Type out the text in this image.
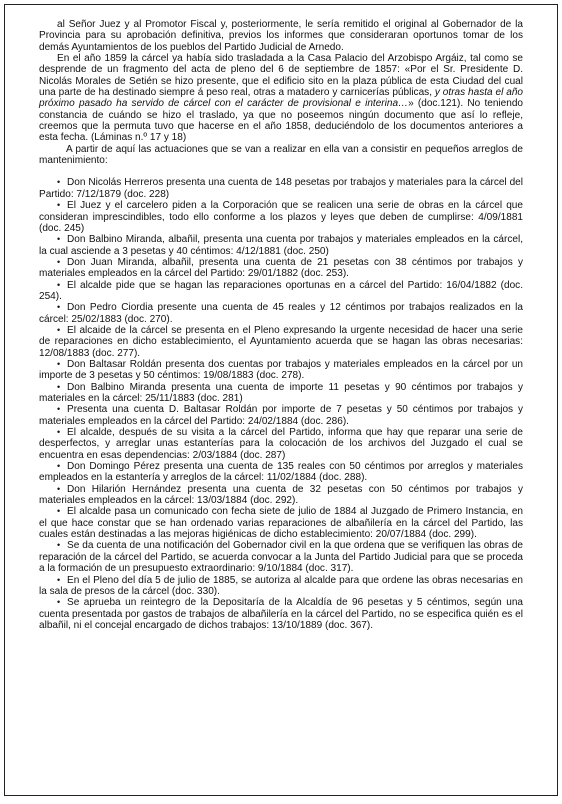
al Señor Juez y al Promotor Fiscal y, posteriormente, le sería remitido el original al Gobernador de la Provincia para su aprobación definitiva, previos los informes que consideraran oportunos tomar de los demás Ayuntamientos de los pueblos del Partido Judicial de Arnedo.

En el año 1859 la cárcel ya había sido trasladada a la Casa Palacio del Arzobispo Argáiz, tal como se desprende de un fragmento del acta de pleno del 6 de septiembre de 1857: «Por el Sr. Presidente D. Nicolás Morales de Setién se hizo presente, que el edificio sito en la plaza pública de esta Ciudad del cual una parte de ha destinado siempre á peso real, otras a matadero y carnicerías públicas, y otras hasta el año próximo pasado ha servido de cárcel con el carácter de provisional e interina…» (doc.121). No teniendo constancia de cuándo se hizo el traslado, ya que no poseemos ningún documento que así lo refleje, creemos que la permuta tuvo que hacerse en el año 1858, deduciéndolo de los documentos anteriores a esta fecha. (Láminas n.º 17 y 18)

A partir de aquí las actuaciones que se van a realizar en ella van a consistir en pequeños arreglos de mantenimiento:

• Don Nicolás Herreros presenta una cuenta de 148 pesetas por trabajos y materiales para la cárcel del Partido: 7/12/1879 (doc. 228)

• El Juez y el carcelero piden a la Corporación que se realicen una serie de obras en la cárcel que consideran imprescindibles, todo ello conforme a los plazos y leyes que deben de cumplirse: 4/09/1881 (doc. 245)

• Don Balbino Miranda, albañil, presenta una cuenta por trabajos y materiales empleados en la cárcel, la cual asciende a 3 pesetas y 40 céntimos: 4/12/1881 (doc. 250)

• Don Juan Miranda, albañil, presenta una cuenta de 21 pesetas con 38 céntimos por trabajos y materiales empleados en la cárcel del Partido: 29/01/1882 (doc. 253).

• El alcalde pide que se hagan las reparaciones oportunas en a cárcel del Partido: 16/04/1882 (doc. 254).

• Don Pedro Ciordia presente una cuenta de 45 reales y 12 céntimos por trabajos realizados en la cárcel: 25/02/1883 (doc. 270).

• El alcaide de la cárcel se presenta en el Pleno expresando la urgente necesidad de hacer una serie de reparaciones en dicho establecimiento, el Ayuntamiento acuerda que se hagan las obras necesarias: 12/08/1883 (doc. 277).

• Don Baltasar Roldán presenta dos cuentas por trabajos y materiales empleados en la cárcel por un importe de 3 pesetas y 50 céntimos: 19/08/1883 (doc. 278).

• Don Balbino Miranda presenta una cuenta de importe 11 pesetas y 90 céntimos por trabajos y materiales en la cárcel: 25/11/1883 (doc. 281)

• Presenta una cuenta D. Baltasar Roldán por importe de 7 pesetas y 50 céntimos por trabajos y materiales empleados en la cárcel del Partido: 24/02/1884 (doc. 286).

• El alcalde, después de su visita a la cárcel del Partido, informa que hay que reparar una serie de desperfectos, y arreglar unas estanterías para la colocación de los archivos del Juzgado el cual se encuentra en esas dependencias: 2/03/1884 (doc. 287)

• Don Domingo Pérez presenta una cuenta de 135 reales con 50 céntimos por arreglos y materiales empleados en la estantería y arreglos de la cárcel: 11/02/1884 (doc. 288).

• Don Hilarión Hernández presenta una cuenta de 32 pesetas con 50 céntimos por trabajos y materiales empleados en la cárcel: 13/03/1884 (doc. 292).

• El alcalde pasa un comunicado con fecha siete de julio de 1884 al Juzgado de Primero Instancia, en el que hace constar que se han ordenado varias reparaciones de albañilería en la cárcel del Partido, las cuales están destinadas a las mejoras higiénicas de dicho establecimiento: 20/07/1884 (doc. 299).

• Se da cuenta de una notificación del Gobernador civil en la que ordena que se verifiquen las obras de reparación de la cárcel del Partido, se acuerda convocar a la Junta del Partido Judicial para que se proceda a la formación de un presupuesto extraordinario: 9/10/1884 (doc. 317).

• En el Pleno del día 5 de julio de 1885, se autoriza al alcalde para que ordene las obras necesarias en la sala de presos de la cárcel (doc. 330).

• Se aprueba un reintegro de la Depositaría de la Alcaldía de 96 pesetas y 5 céntimos, según una cuenta presentada por gastos de trabajos de albañilería en la cárcel del Partido, no se especifica quién es el albañil, ni el concejal encargado de dichos trabajos: 13/10/1889 (doc. 367).
